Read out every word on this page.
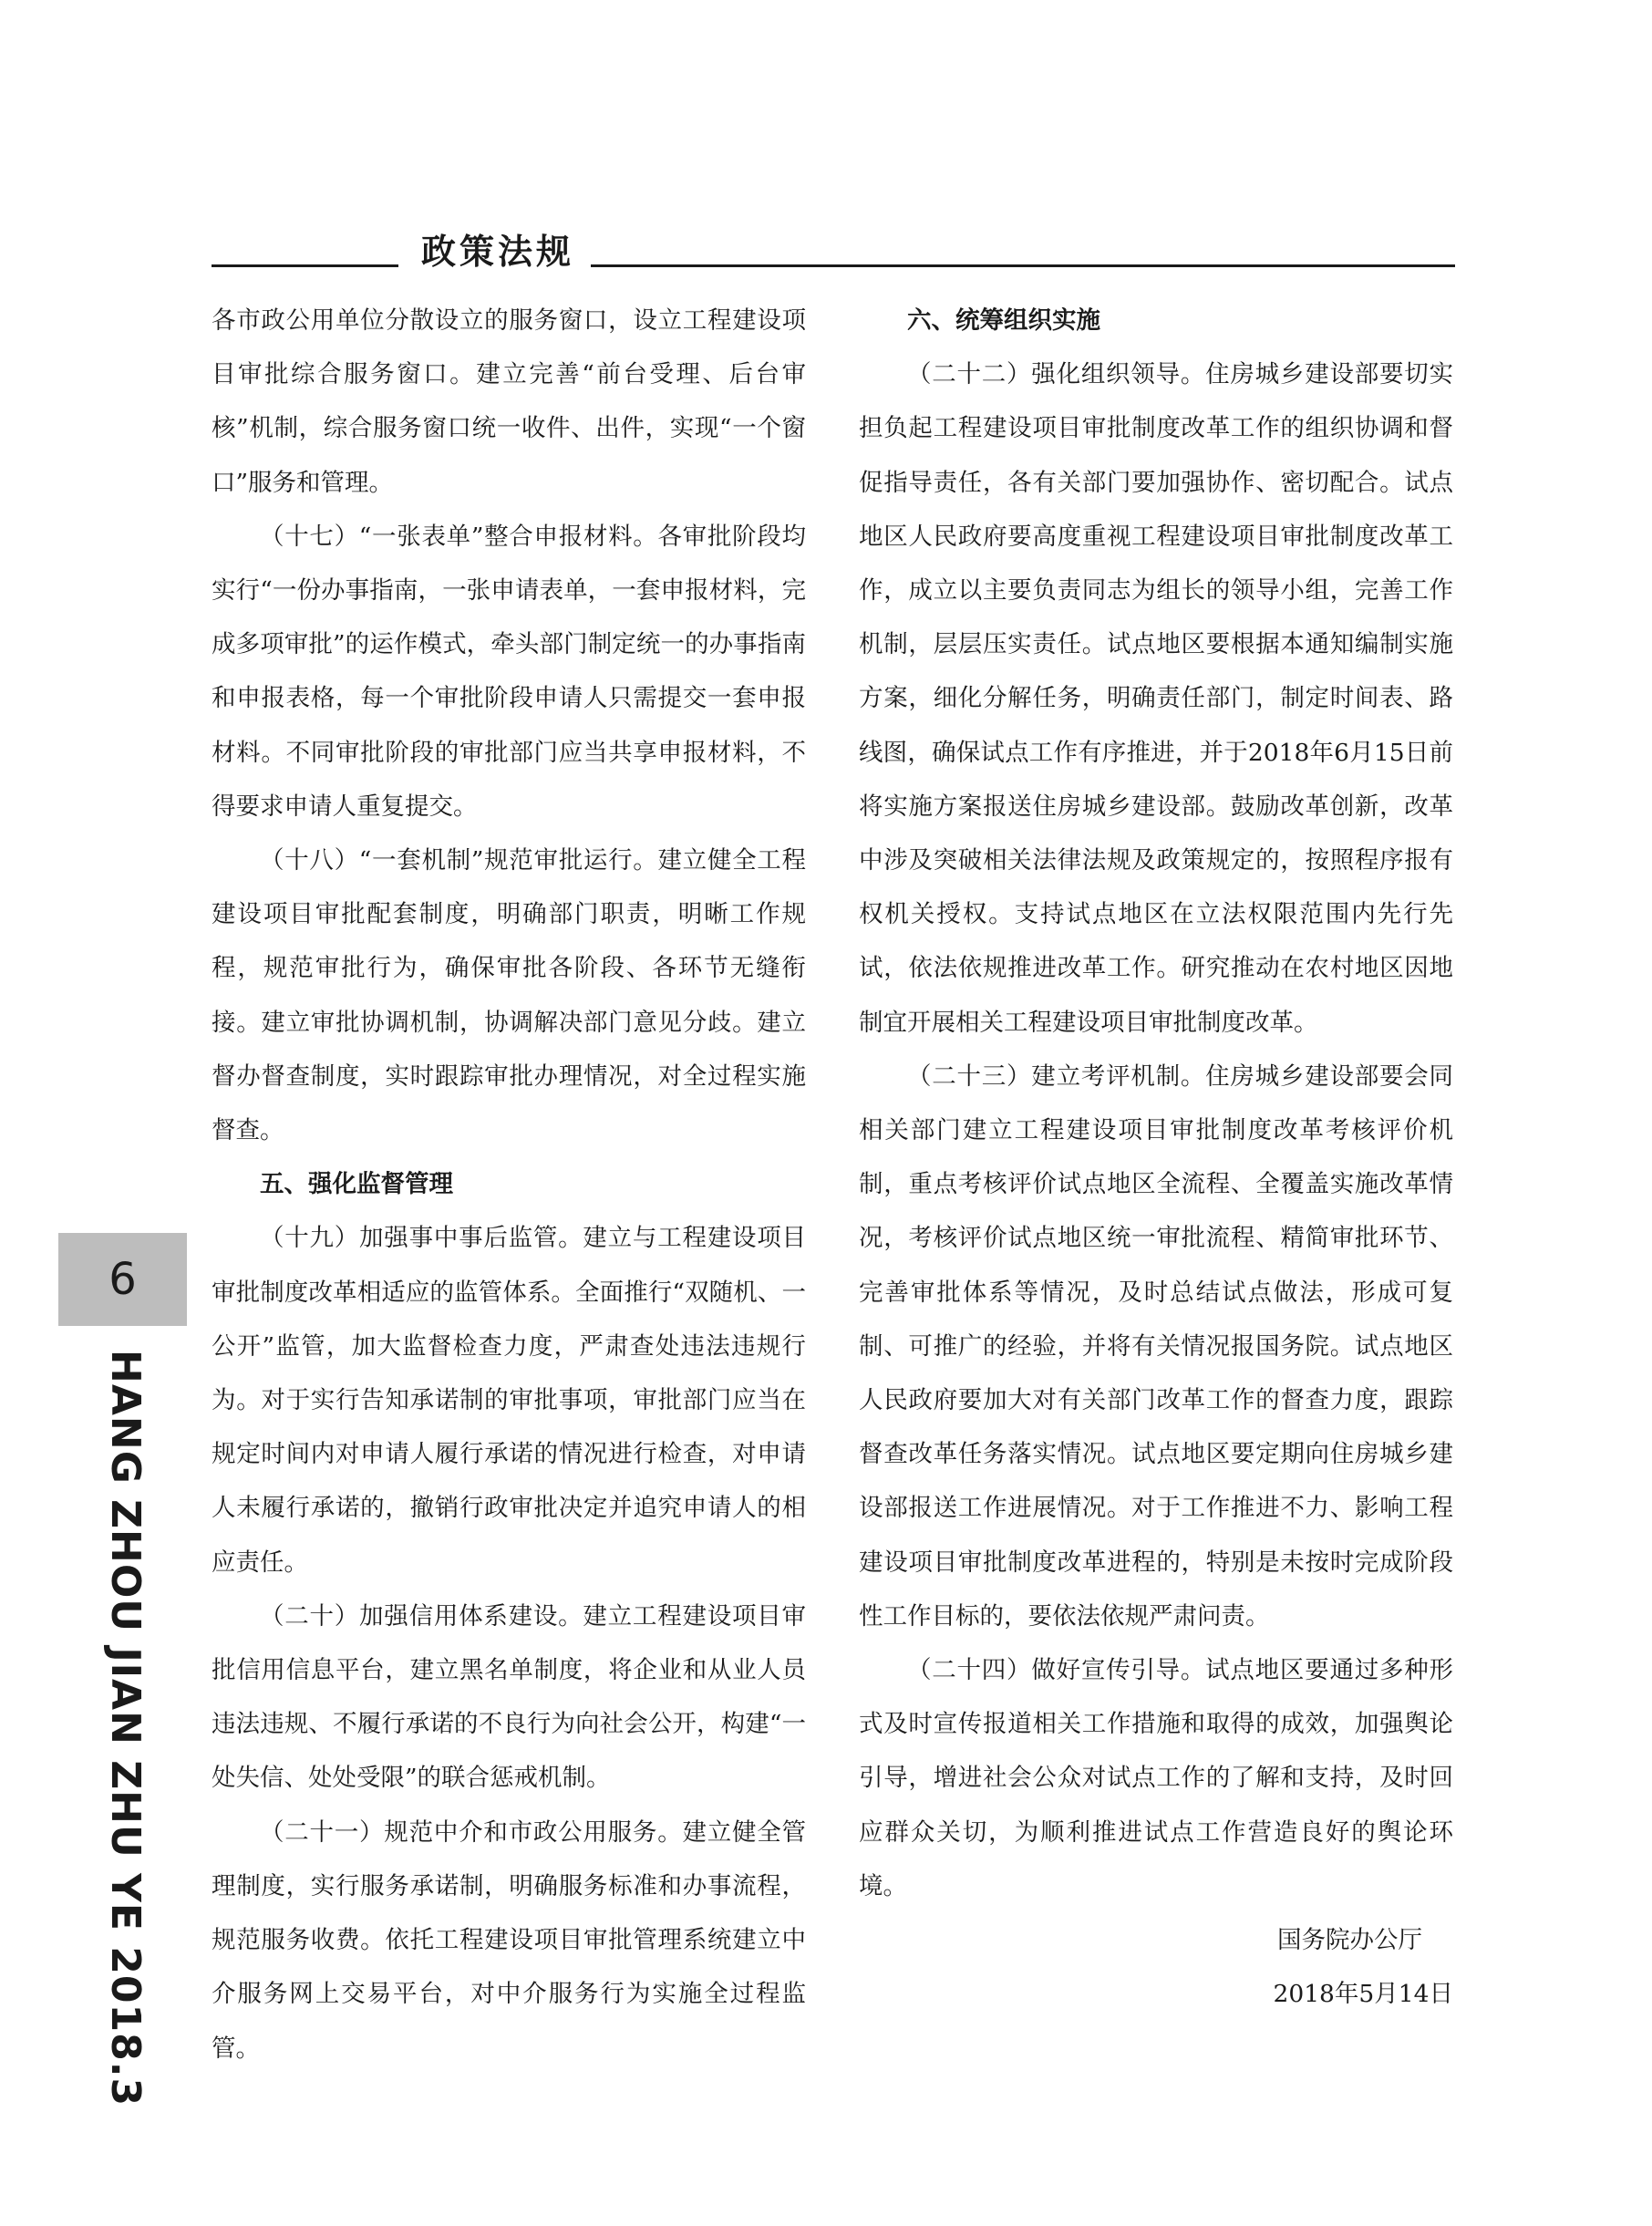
政策法规
6
HANG ZHOU JIAN ZHU YE 2018.3

各市政公用单位分散设立的服务窗口，设立工程建设项目审批综合服务窗口。建立完善“前台受理、后台审核”机制，综合服务窗口统一收件、出件，实现“一个窗口”服务和管理。

（十七）“一张表单”整合申报材料。各审批阶段均实行“一份办事指南，一张申请表单，一套申报材料，完成多项审批”的运作模式，牵头部门制定统一的办事指南和申报表格，每一个审批阶段申请人只需提交一套申报材料。不同审批阶段的审批部门应当共享申报材料，不得要求申请人重复提交。

（十八）“一套机制”规范审批运行。建立健全工程建设项目审批配套制度，明确部门职责，明晰工作规程，规范审批行为，确保审批各阶段、各环节无缝衔接。建立审批协调机制，协调解决部门意见分歧。建立督办督查制度，实时跟踪审批办理情况，对全过程实施督查。

五、强化监督管理

（十九）加强事中事后监管。建立与工程建设项目审批制度改革相适应的监管体系。全面推行“双随机、一公开”监管，加大监督检查力度，严肃查处违法违规行为。对于实行告知承诺制的审批事项，审批部门应当在规定时间内对申请人履行承诺的情况进行检查，对申请人未履行承诺的，撤销行政审批决定并追究申请人的相应责任。

（二十）加强信用体系建设。建立工程建设项目审批信用信息平台，建立黑名单制度，将企业和从业人员违法违规、不履行承诺的不良行为向社会公开，构建“一处失信、处处受限”的联合惩戒机制。

（二十一）规范中介和市政公用服务。建立健全管理制度，实行服务承诺制，明确服务标准和办事流程，规范服务收费。依托工程建设项目审批管理系统建立中介服务网上交易平台，对中介服务行为实施全过程监管。

六、统筹组织实施

（二十二）强化组织领导。住房城乡建设部要切实担负起工程建设项目审批制度改革工作的组织协调和督促指导责任，各有关部门要加强协作、密切配合。试点地区人民政府要高度重视工程建设项目审批制度改革工作，成立以主要负责同志为组长的领导小组，完善工作机制，层层压实责任。试点地区要根据本通知编制实施方案，细化分解任务，明确责任部门，制定时间表、路线图，确保试点工作有序推进，并于2018年6月15日前将实施方案报送住房城乡建设部。鼓励改革创新，改革中涉及突破相关法律法规及政策规定的，按照程序报有权机关授权。支持试点地区在立法权限范围内先行先试，依法依规推进改革工作。研究推动在农村地区因地制宜开展相关工程建设项目审批制度改革。

（二十三）建立考评机制。住房城乡建设部要会同相关部门建立工程建设项目审批制度改革考核评价机制，重点考核评价试点地区全流程、全覆盖实施改革情况，考核评价试点地区统一审批流程、精简审批环节、完善审批体系等情况，及时总结试点做法，形成可复制、可推广的经验，并将有关情况报国务院。试点地区人民政府要加大对有关部门改革工作的督查力度，跟踪督查改革任务落实情况。试点地区要定期向住房城乡建设部报送工作进展情况。对于工作推进不力、影响工程建设项目审批制度改革进程的，特别是未按时完成阶段性工作目标的，要依法依规严肃问责。

（二十四）做好宣传引导。试点地区要通过多种形式及时宣传报道相关工作措施和取得的成效，加强舆论引导，增进社会公众对试点工作的了解和支持，及时回应群众关切，为顺利推进试点工作营造良好的舆论环境。

国务院办公厅

2018年5月14日
